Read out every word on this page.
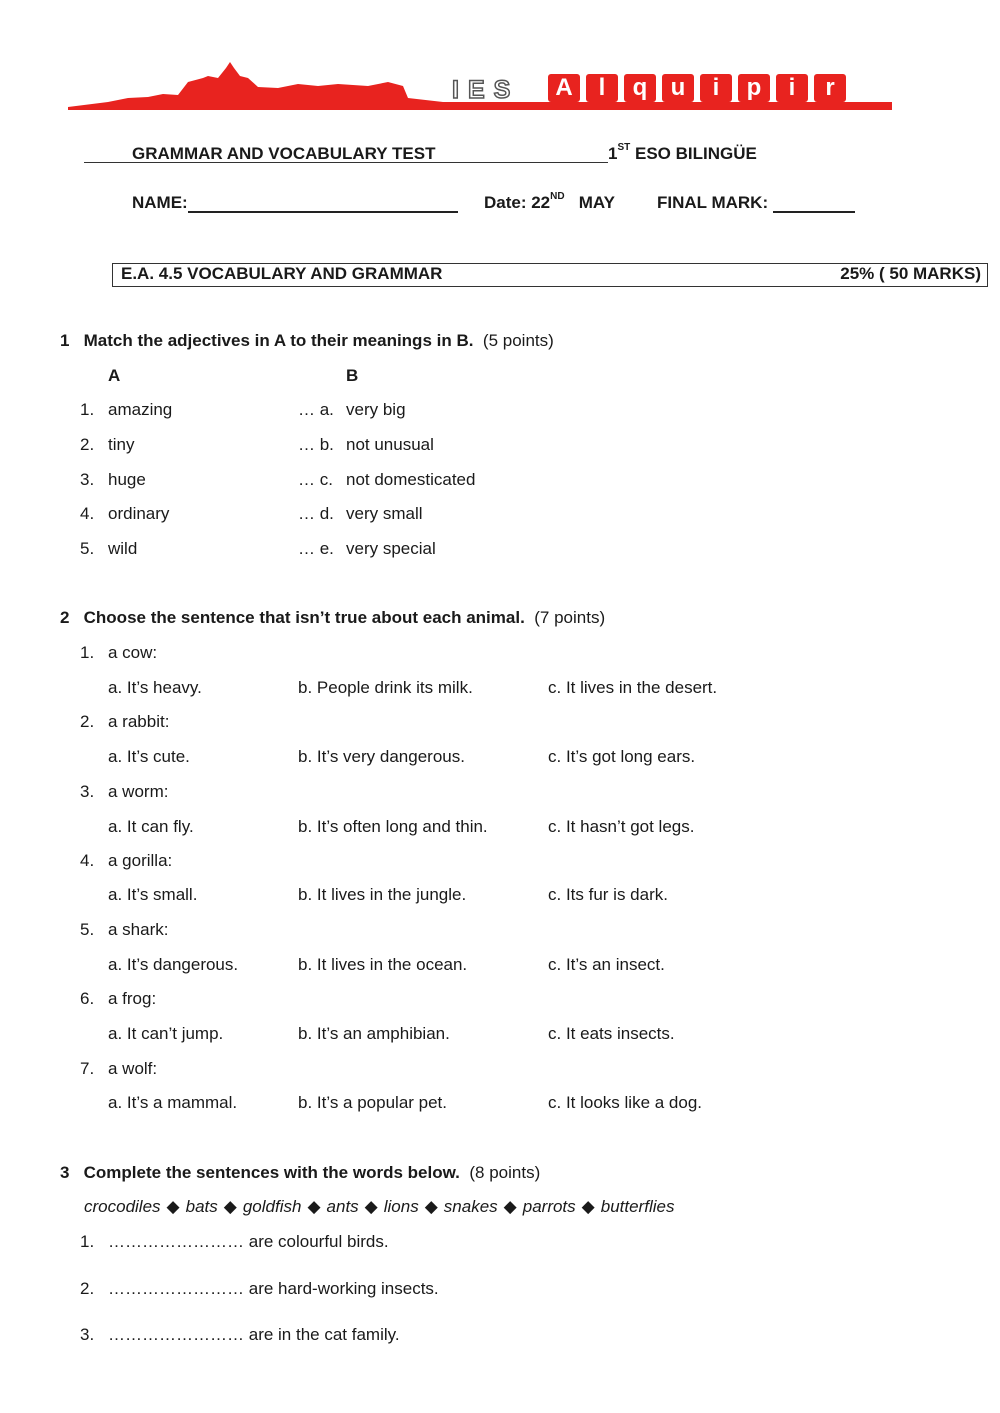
IES	A	l	q u	i	p	i	r
GRAMMAR AND VOCABULARY TEST	1ST ESO BILINGÜE
NAME:	Date: 22ND MAY FINAL MARK:
E.A. 4.5 VOCABULARY AND GRAMMAR	25% ( 50 MARKS)
1 Match the adjectives in A to their meanings in B. (5 points)
A	B
1. amazing	… a. very big
2. tiny	… b. not unusual
3. huge	… c. not domesticated
4. ordinary	… d. very small
5. wild	… e. very special
2 Choose the sentence that isn’t true about each animal. (7 points)
1. a cow:
a. It’s heavy.	b. People drink its milk.	c. It lives in the desert.
2. a rabbit:
a. It’s cute.	b. It’s very dangerous.	c. It’s got long ears.
3. a worm:
a. It can fly.	b. It’s often long and thin.	c. It hasn’t got legs.
4. a gorilla:
a. It’s small.	b. It lives in the jungle.	c. Its fur is dark.
5. a shark:
a. It’s dangerous.	b. It lives in the ocean.	c. It’s an insect.
6. a frog:
a. It can’t jump.	b. It’s an amphibian.	c. It eats insects.
7. a wolf:
a. It’s a mammal.	b. It’s a popular pet.	c. It looks like a dog.
3 Complete the sentences with the words below. (8 points)
crocodiles ◆ bats ◆ goldfish ◆ ants ◆ lions ◆ snakes ◆ parrots ◆ butterflies
1. …………………… are colourful birds.
2. …………………… are hard-working insects.
3. …………………… are in the cat family.
